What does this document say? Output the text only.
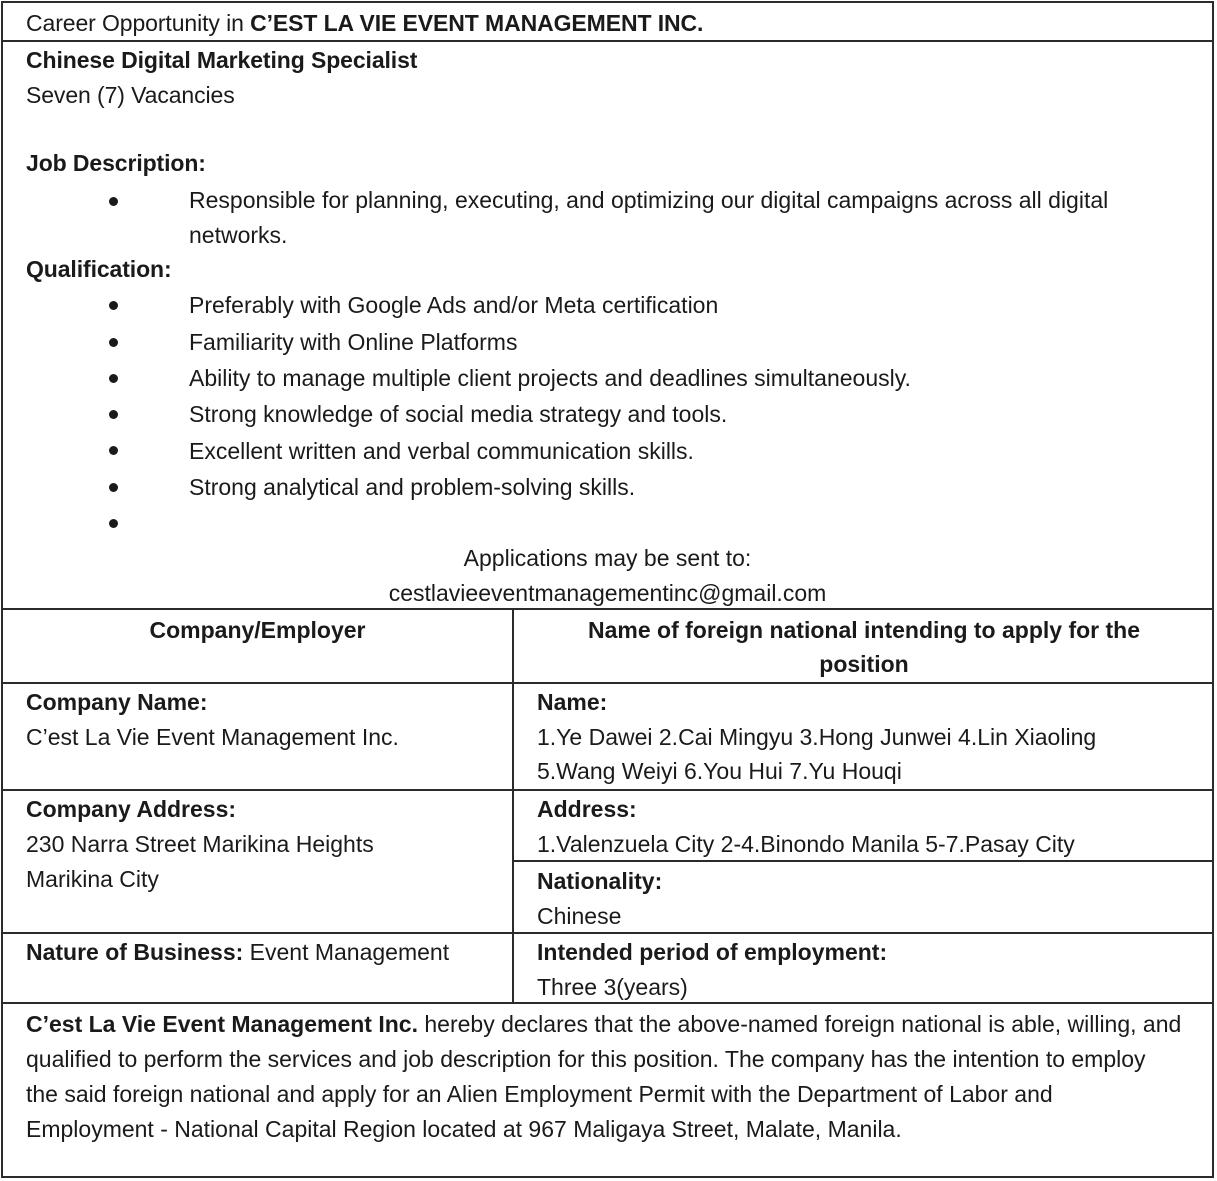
Career Opportunity in C’EST LA VIE EVENT MANAGEMENT INC.
Chinese Digital Marketing Specialist
Seven (7) Vacancies
Job Description:
Responsible for planning, executing, and optimizing our digital campaigns across all digital
networks.
Qualification:
Preferably with Google Ads and/or Meta certification
Familiarity with Online Platforms
Ability to manage multiple client projects and deadlines simultaneously.
Strong knowledge of social media strategy and tools.
Excellent written and verbal communication skills.
Strong analytical and problem-solving skills.
Applications may be sent to:
cestlavieeventmanagementinc@gmail.com
Company/Employer	Name of foreign national intending to apply for the
position
Company Name:
C’est La Vie Event Management Inc.
Name:
1.Ye Dawei 2.Cai Mingyu 3.Hong Junwei 4.Lin Xiaoling
5.Wang Weiyi 6.You Hui 7.Yu Houqi
Company Address:
230 Narra Street Marikina Heights
Marikina City
Address:
1.Valenzuela City 2-4.Binondo Manila 5-7.Pasay City
Nationality:
Chinese
Nature of Business: Event Management	Intended period of employment:
Three 3(years)
C’est La Vie Event Management Inc. hereby declares that the above-named foreign national is able, willing, and qualified to perform the services and job description for this position. The company has the intention to employ the said foreign national and apply for an Alien Employment Permit with the Department of Labor and Employment - National Capital Region located at 967 Maligaya Street, Malate, Manila.
